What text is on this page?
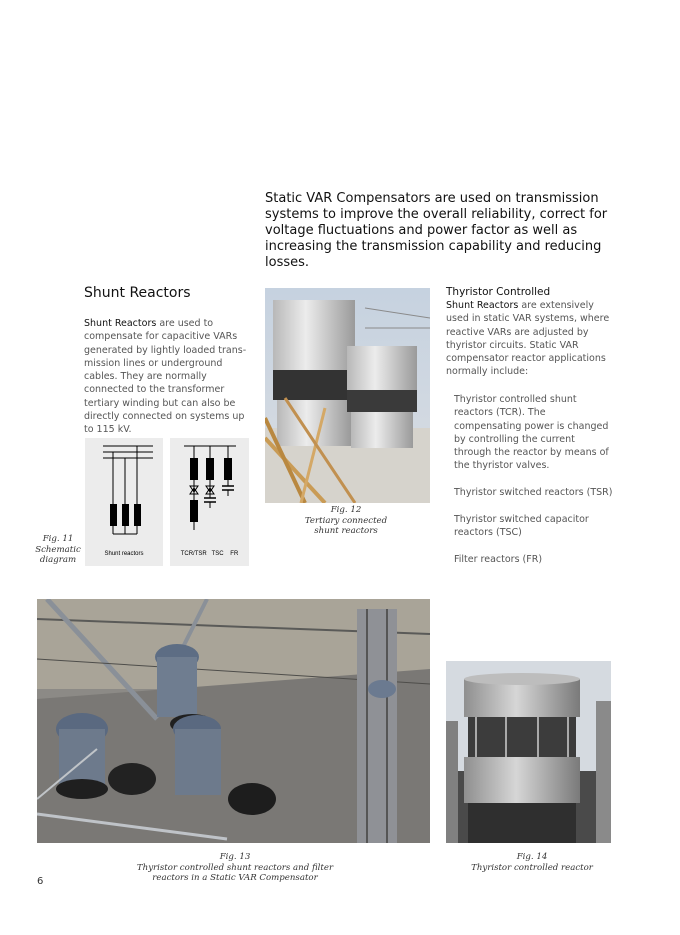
Static VAR Compensators are used on transmission systems to improve the overall reliability, correct for voltage fluctuations and power factor as well as increasing the transmission capability and reducing losses.
Shunt Reactors
Shunt Reactors are used to compensate for capacitive VARs generated by lightly loaded transmission lines or underground cables. They are normally connected to the transformer tertiary winding but can also be directly connected on systems up to 115 kV.
Shunt reactors	TCR/TSR   TSC    FR
Fig. 11
Schematic
diagram
Fig. 12
Tertiary connected
shunt reactors
Thyristor Controlled
Shunt Reactors are extensively used in static VAR systems, where reactive VARs are adjusted by thyristor circuits. Static VAR compensator reactor applications normally include:
Thyristor controlled shunt reactors (TCR). The compensating power is changed by controlling the current through the reactor by means of the thyristor valves.
Thyristor switched reactors (TSR)
Thyristor switched capacitor reactors (TSC)
Filter reactors (FR)
Fig. 13
Thyristor controlled shunt reactors and filter
reactors in a Static VAR Compensator
Fig. 14
Thyristor controlled reactor
6
